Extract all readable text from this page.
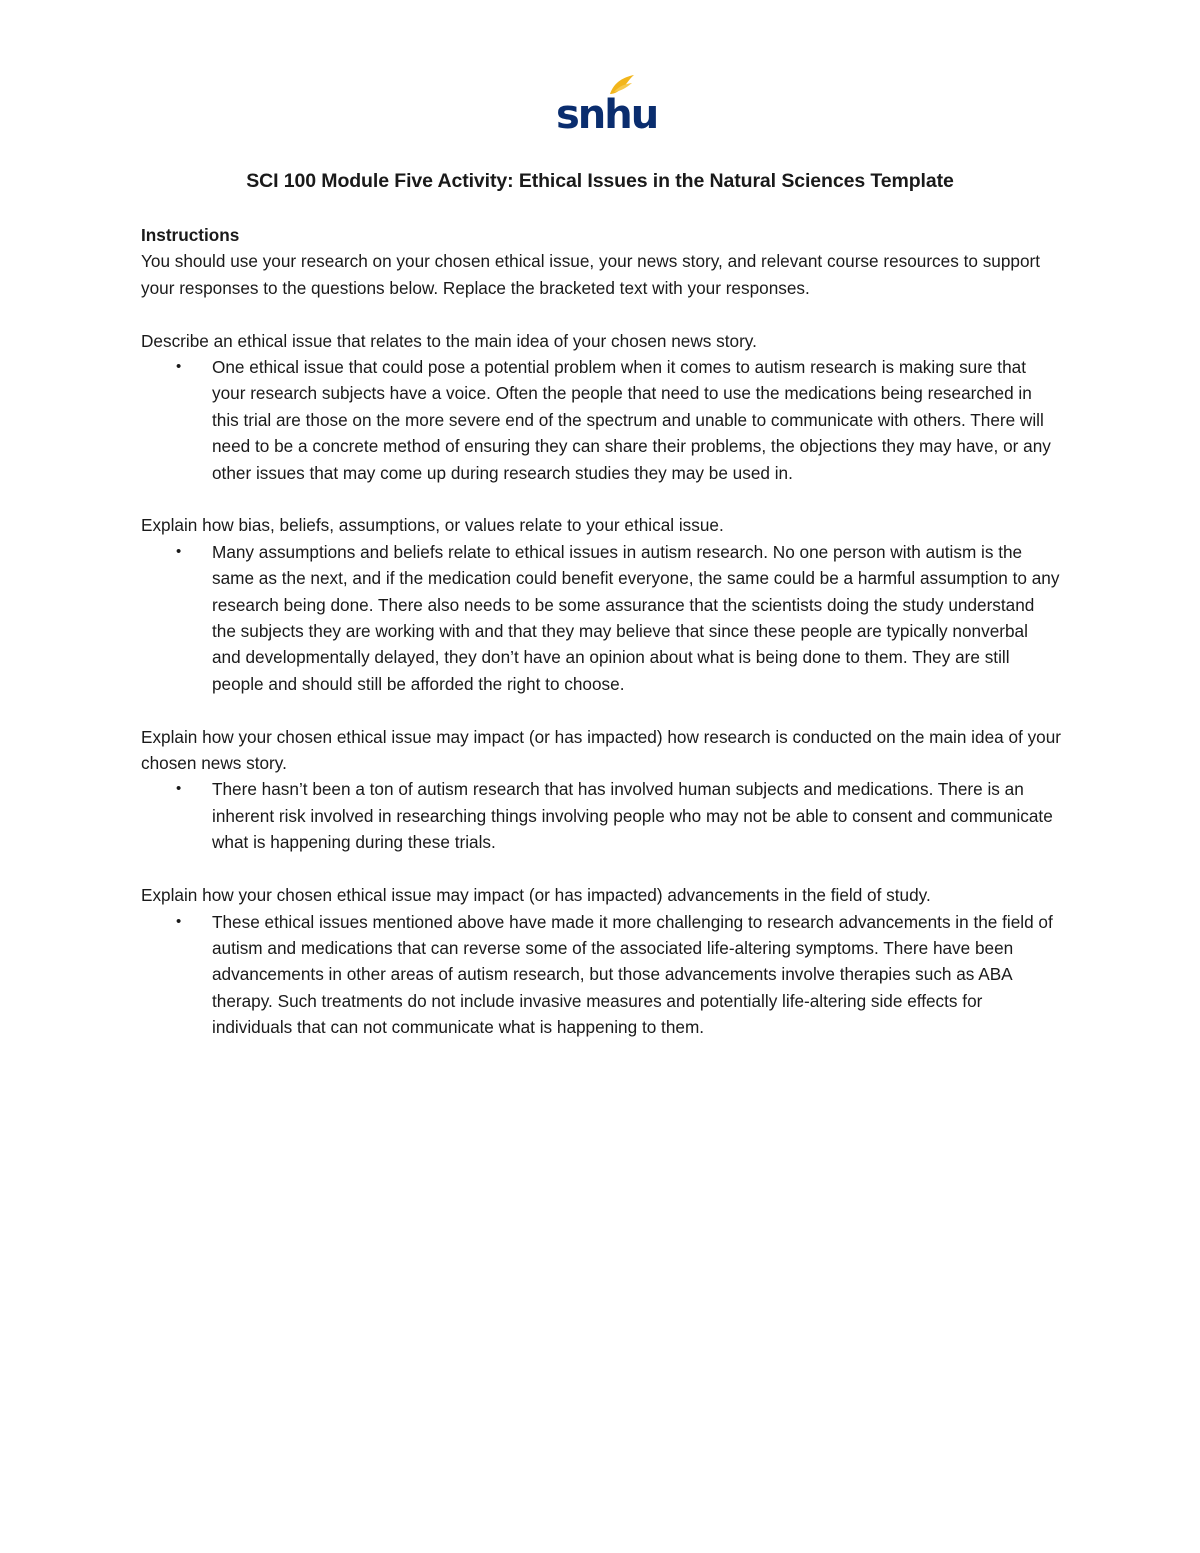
snhu
SCI 100 Module Five Activity: Ethical Issues in the Natural Sciences Template

Instructions

You should use your research on your chosen ethical issue, your news story, and relevant course resources to support your responses to the questions below. Replace the bracketed text with your responses.

Describe an ethical issue that relates to the main idea of your chosen news story.

• One ethical issue that could pose a potential problem when it comes to autism research is making sure that your research subjects have a voice. Often the people that need to use the medications being researched in this trial are those on the more severe end of the spectrum and unable to communicate with others. There will need to be a concrete method of ensuring they can share their problems, the objections they may have, or any other issues that may come up during research studies they may be used in.

Explain how bias, beliefs, assumptions, or values relate to your ethical issue.

• Many assumptions and beliefs relate to ethical issues in autism research. No one person with autism is the same as the next, and if the medication could benefit everyone, the same could be a harmful assumption to any research being done. There also needs to be some assurance that the scientists doing the study understand the subjects they are working with and that they may believe that since these people are typically nonverbal and developmentally delayed, they don’t have an opinion about what is being done to them. They are still people and should still be afforded the right to choose.

Explain how your chosen ethical issue may impact (or has impacted) how research is conducted on the main idea of your chosen news story.

• There hasn’t been a ton of autism research that has involved human subjects and medications. There is an inherent risk involved in researching things involving people who may not be able to consent and communicate what is happening during these trials.

Explain how your chosen ethical issue may impact (or has impacted) advancements in the field of study.

• These ethical issues mentioned above have made it more challenging to research advancements in the field of autism and medications that can reverse some of the associated life-altering symptoms. There have been advancements in other areas of autism research, but those advancements involve therapies such as ABA therapy. Such treatments do not include invasive measures and potentially life-altering side effects for individuals that can not communicate what is happening to them.
